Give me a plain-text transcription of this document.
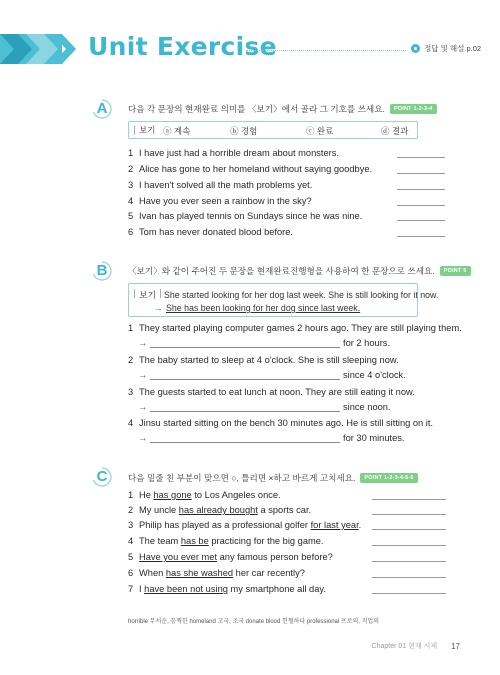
Unit Exercise	정답 및 해설 p.02
A	다음 각 문장의 현재완료 의미를 〈보기〉에서 골라 그 기호를 쓰세요.	POINT 1-2-3-4
보기 ⓐ 계속	ⓑ 경험	ⓒ 완료	ⓓ 결과
1 I have just had a horrible dream about monsters.
2 Alice has gone to her homeland without saying goodbye.
3 I haven't solved all the math problems yet.
4 Have you ever seen a rainbow in the sky?
5 Ivan has played tennis on Sundays since he was nine.
6 Tom has never donated blood before.
B	〈보기〉와 같이 주어진 두 문장을 현재완료진행형을 사용하여 한 문장으로 쓰세요.	POINT 5
보기 She started looking for her dog last week. She is still looking for it now.
→ She has been looking for her dog since last week.
1 They started playing computer games 2 hours ago. They are still playing them.
→	for 2 hours.
2 The baby started to sleep at 4 o'clock. She is still sleeping now.
→	since 4 o'clock.
3 The guests started to eat lunch at noon. They are still eating it now.
→	since noon.
4 Jinsu started sitting on the bench 30 minutes ago. He is still sitting on it.
→	for 30 minutes.
C	다음 밑줄 친 부분이 맞으면 ○, 틀리면 ×하고 바르게 고치세요.	POINT 1-2-3-4-5-6
1 He has gone to Los Angeles once.
2 My uncle has already bought a sports car.
3 Philip has played as a professional golfer for last year.
4 The team has be practicing for the big game.
5 Have you ever met any famous person before?
6 When has she washed her car recently?
7 I have been not using my smartphone all day.
horrible 무서운, 끔찍한 homeland 고국, 조국 donate blood 헌혈하다 professional 프로의, 직업의
Chapter 01 현재 시제 17
